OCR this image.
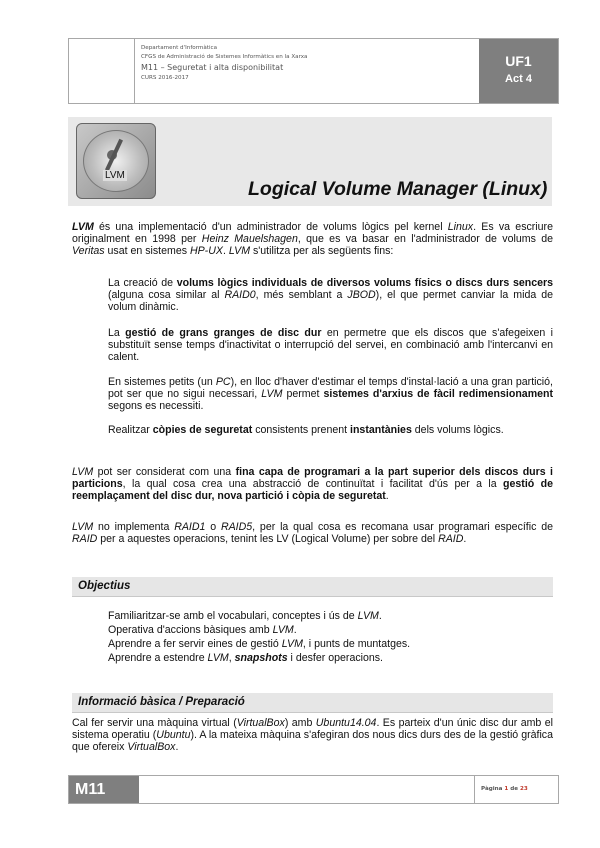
Departament d'Informàtica
CFGS de Administració de Sistemes Informàtics en la Xarxa
M11 – Seguretat i alta disponibilitat
CURS 2016-2017
UF1
Act 4
LVM
Logical Volume Manager (Linux)

LVM és una implementació d'un administrador de volums lògics pel kernel Linux. Es va escriure originalment en 1998 per Heinz Mauelshagen, que es va basar en l'administrador de volums de Veritas usat en sistemes HP-UX. LVM s'utilitza per als següents fins:

La creació de volums lògics individuals de diversos volums físics o discs durs sencers (alguna cosa similar al RAID0, més semblant a JBOD), el que permet canviar la mida de volum dinàmic.

La gestió de grans granges de disc dur en permetre que els discos que s'afegeixen i substituït sense temps d'inactivitat o interrupció del servei, en combinació amb l'intercanvi en calent.

En sistemes petits (un PC), en lloc d'haver d'estimar el temps d'instal·lació a una gran partició, pot ser que no sigui necessari, LVM permet sistemes d'arxius de fàcil redimensionament segons es necessiti.

Realitzar còpies de seguretat consistents prenent instantànies dels volums lògics.

LVM pot ser considerat com una fina capa de programari a la part superior dels discos durs i particions, la qual cosa crea una abstracció de continuïtat i facilitat d'ús per a la gestió de reemplaçament del disc dur, nova partició i còpia de seguretat.

LVM no implementa RAID1 o RAID5, per la qual cosa es recomana usar programari específic de RAID per a aquestes operacions, tenint les LV (Logical Volume) per sobre del RAID.

Objectius

Familiaritzar-se amb el vocabulari, conceptes i ús de LVM.

Operativa d'accions bàsiques amb LVM.

Aprendre a fer servir eines de gestió LVM, i punts de muntatges.

Aprendre a estendre LVM, snapshots i desfer operacions.

Informació bàsica / Preparació

Cal fer servir una màquina virtual (VirtualBox) amb Ubuntu14.04. Es parteix d'un únic disc dur amb el sistema operatiu (Ubuntu). A la mateixa màquina s'afegiran dos nous dics durs des de la gestió gràfica que ofereix VirtualBox.

M11	Pàgina 1 de 23
